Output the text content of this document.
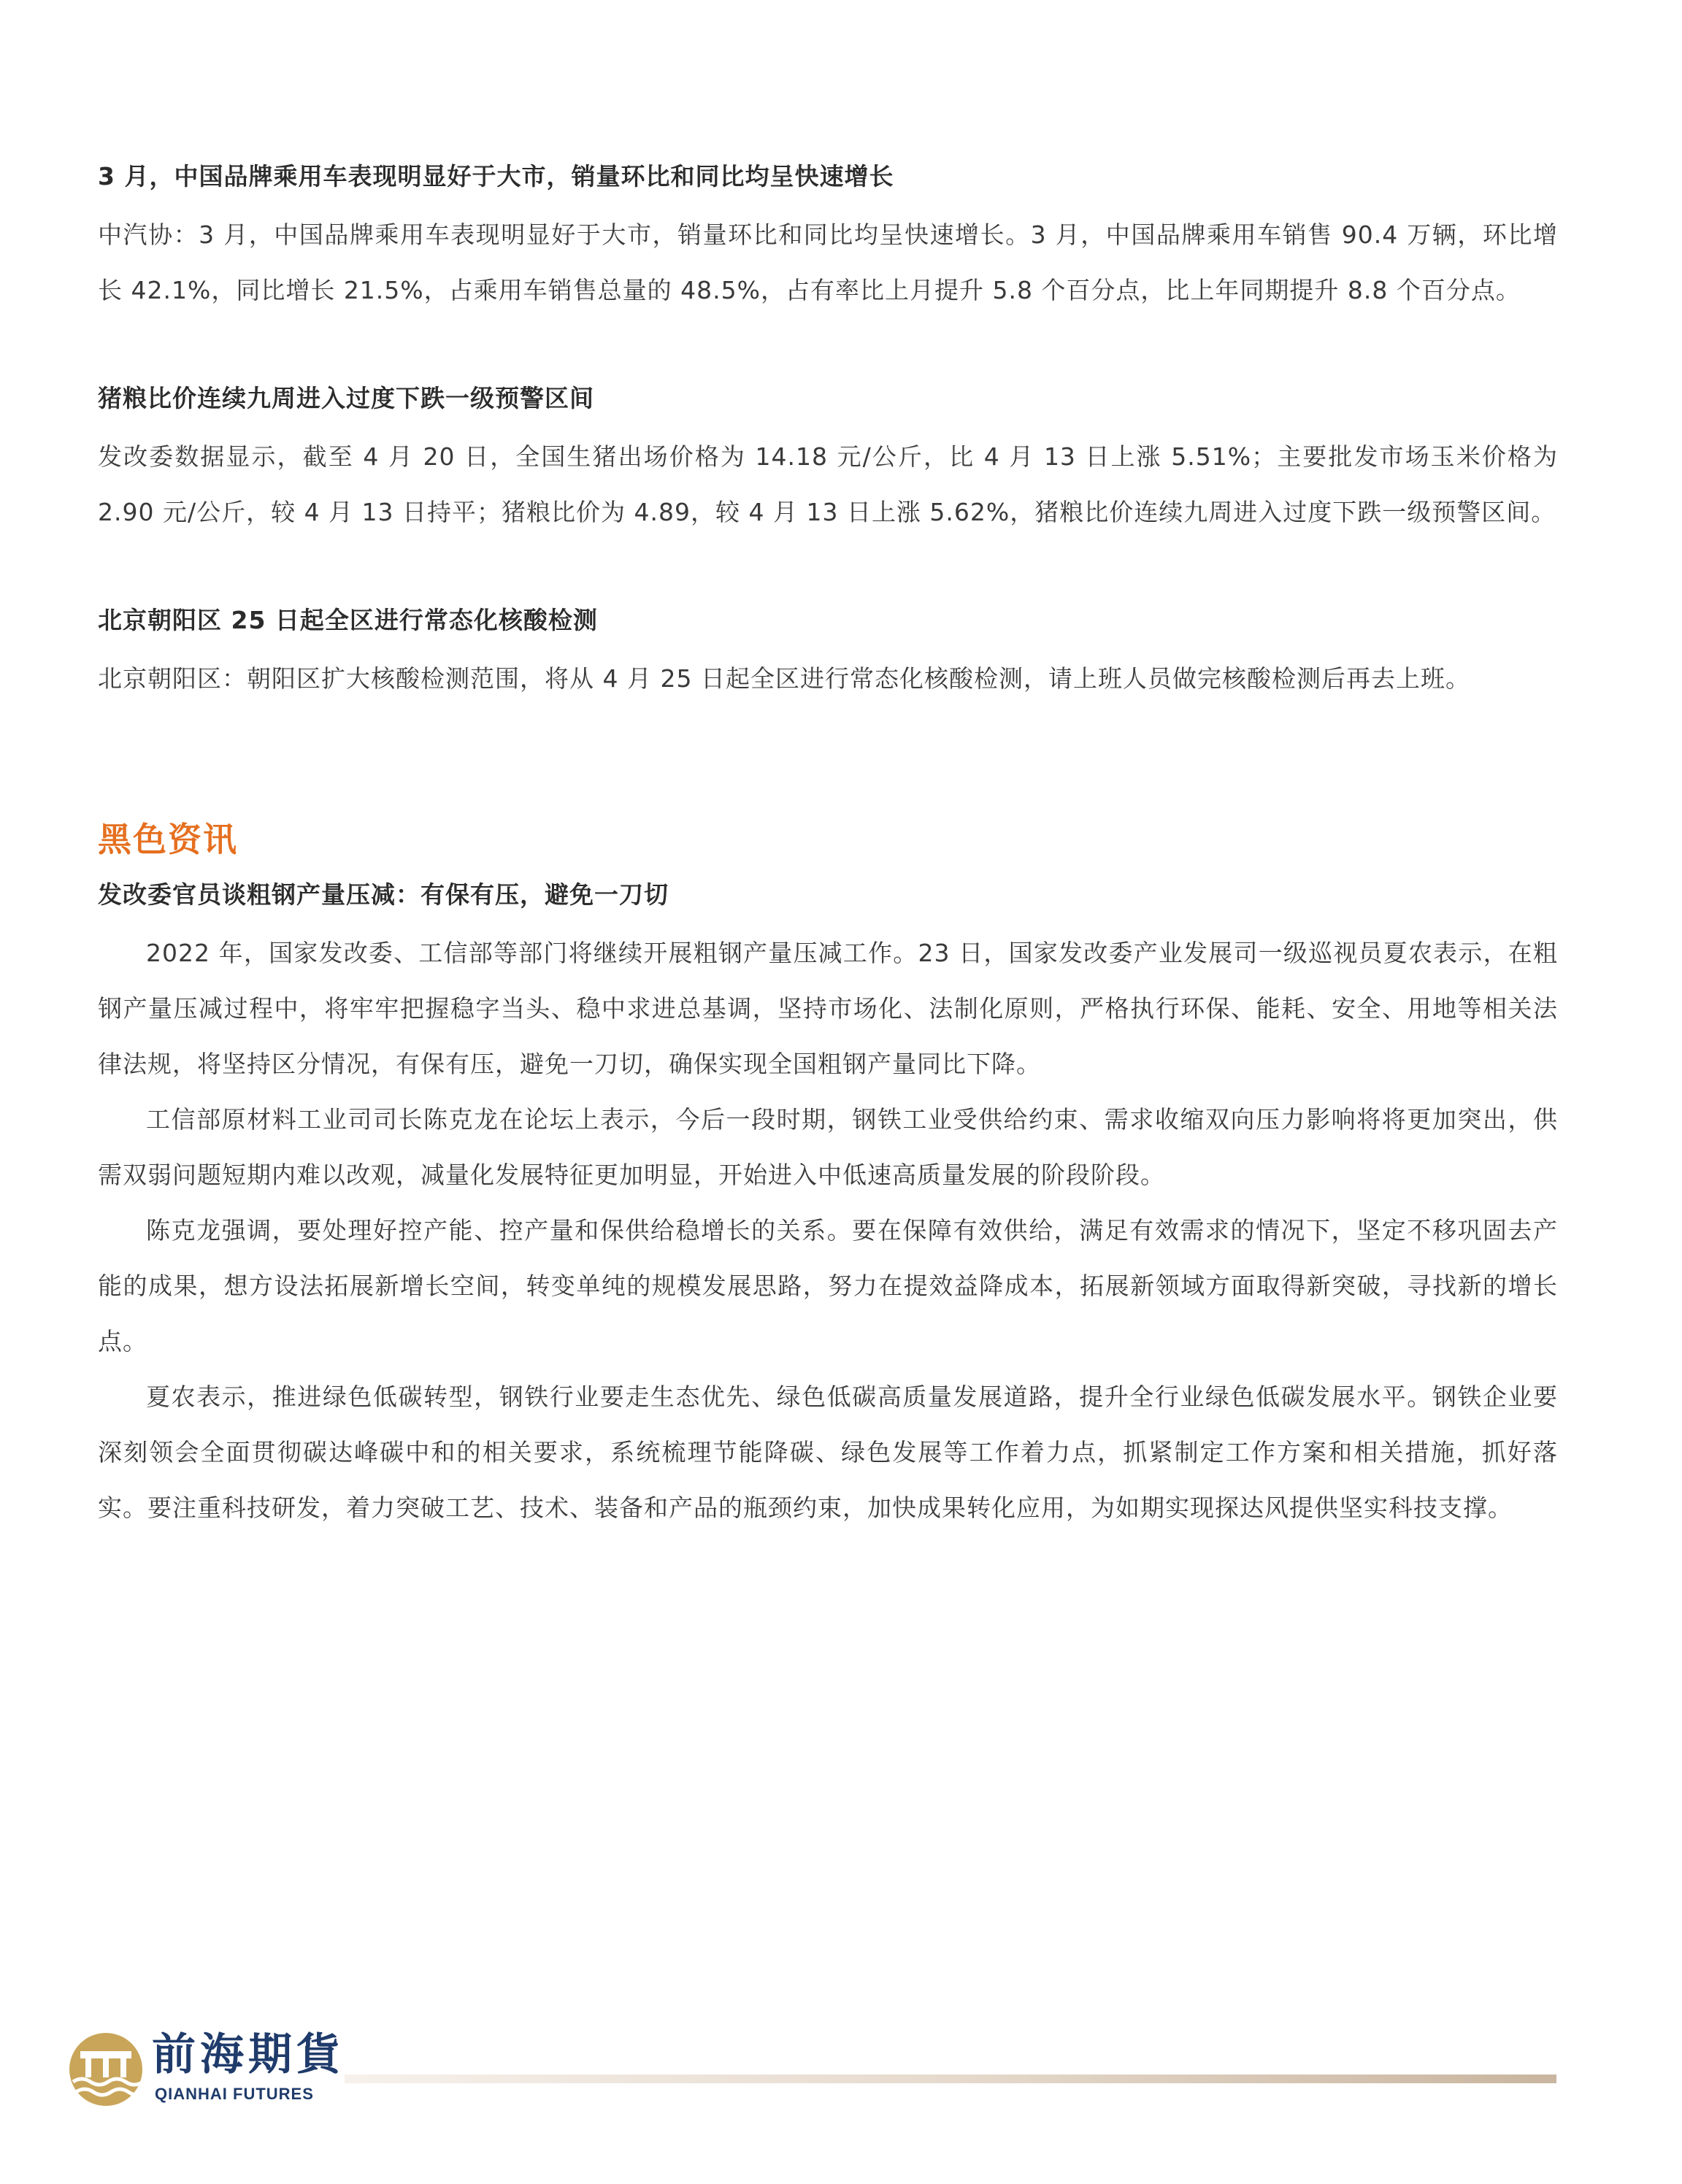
3 月，中国品牌乘用车表现明显好于大市，销量环比和同比均呈快速增长

中汽协：3 月，中国品牌乘用车表现明显好于大市，销量环比和同比均呈快速增长。3 月，中国品牌乘用车销售 90.4 万辆，环比增长 42.1%，同比增长 21.5%，占乘用车销售总量的 48.5%，占有率比上月提升 5.8 个百分点，比上年同期提升 8.8 个百分点。

猪粮比价连续九周进入过度下跌一级预警区间

发改委数据显示，截至 4 月 20 日，全国生猪出场价格为 14.18 元/公斤，比 4 月 13 日上涨 5.51%；主要批发市场玉米价格为 2.90 元/公斤，较 4 月 13 日持平；猪粮比价为 4.89，较 4 月 13 日上涨 5.62%，猪粮比价连续九周进入过度下跌一级预警区间。

北京朝阳区 25 日起全区进行常态化核酸检测

北京朝阳区：朝阳区扩大核酸检测范围，将从 4 月 25 日起全区进行常态化核酸检测，请上班人员做完核酸检测后再去上班。

黑色资讯

发改委官员谈粗钢产量压减：有保有压，避免一刀切

2022 年，国家发改委、工信部等部门将继续开展粗钢产量压减工作。23 日，国家发改委产业发展司一级巡视员夏农表示，在粗钢产量压减过程中，将牢牢把握稳字当头、稳中求进总基调，坚持市场化、法制化原则，严格执行环保、能耗、安全、用地等相关法律法规，将坚持区分情况，有保有压，避免一刀切，确保实现全国粗钢产量同比下降。

工信部原材料工业司司长陈克龙在论坛上表示，今后一段时期，钢铁工业受供给约束、需求收缩双向压力影响将将更加突出，供需双弱问题短期内难以改观，减量化发展特征更加明显，开始进入中低速高质量发展的阶段阶段。

陈克龙强调，要处理好控产能、控产量和保供给稳增长的关系。要在保障有效供给，满足有效需求的情况下，坚定不移巩固去产能的成果，想方设法拓展新增长空间，转变单纯的规模发展思路，努力在提效益降成本，拓展新领域方面取得新突破，寻找新的增长点。

夏农表示，推进绿色低碳转型，钢铁行业要走生态优先、绿色低碳高质量发展道路，提升全行业绿色低碳发展水平。钢铁企业要深刻领会全面贯彻碳达峰碳中和的相关要求，系统梳理节能降碳、绿色发展等工作着力点，抓紧制定工作方案和相关措施，抓好落实。要注重科技研发，着力突破工艺、技术、装备和产品的瓶颈约束，加快成果转化应用，为如期实现探达风提供坚实科技支撑。

前海期貨
QIANHAI FUTURES
